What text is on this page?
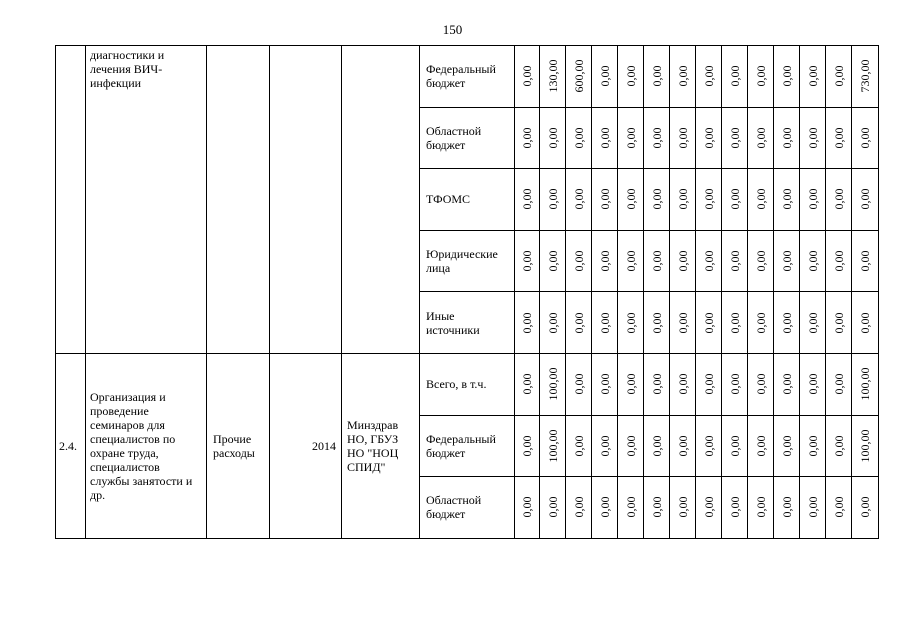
150
	диагностики и лечения ВИЧ-инфекции				Федеральный бюджет	0,00	130,00	600,00	0,00	0,00	0,00	0,00	0,00	0,00	0,00	0,00	0,00	0,00	730,00

					Областной бюджет	0,00	0,00	0,00	0,00	0,00	0,00	0,00	0,00	0,00	0,00	0,00	0,00	0,00	0,00

					ТФОМС	0,00	0,00	0,00	0,00	0,00	0,00	0,00	0,00	0,00	0,00	0,00	0,00	0,00	0,00

					Юридические лица	0,00	0,00	0,00	0,00	0,00	0,00	0,00	0,00	0,00	0,00	0,00	0,00	0,00	0,00

					Иные источники	0,00	0,00	0,00	0,00	0,00	0,00	0,00	0,00	0,00	0,00	0,00	0,00	0,00	0,00

2.4.	Организация и проведение семинаров для специалистов по охране труда, специалистов службы занятости и др.	Прочие расходы	2014	Минздрав НО, ГБУЗ НО "НОЦ СПИД"	Всего, в т.ч.	0,00	100,00	0,00	0,00	0,00	0,00	0,00	0,00	0,00	0,00	0,00	0,00	0,00	100,00

					Федеральный бюджет	0,00	100,00	0,00	0,00	0,00	0,00	0,00	0,00	0,00	0,00	0,00	0,00	0,00	100,00

					Областной бюджет	0,00	0,00	0,00	0,00	0,00	0,00	0,00	0,00	0,00	0,00	0,00	0,00	0,00	0,00
